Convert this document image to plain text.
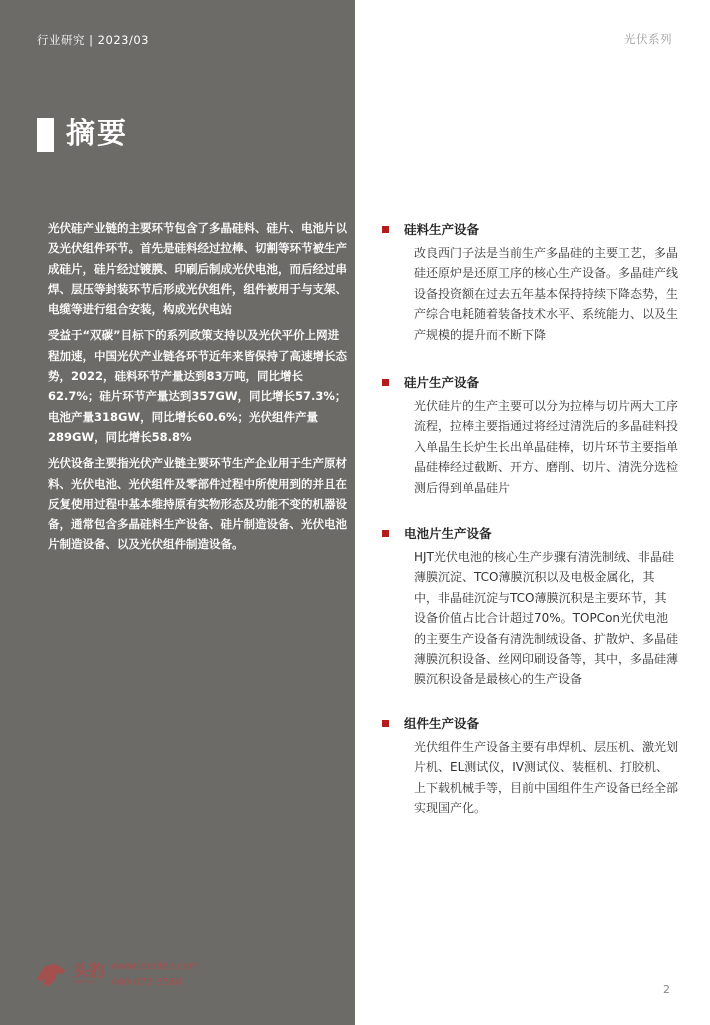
行业研究 | 2023/03
摘要

光伏硅产业链的主要环节包含了多晶硅料、硅片、电池片以及光伏组件环节。首先是硅料经过拉棒、切割等环节被生产成硅片，硅片经过镀膜、印刷后制成光伏电池，而后经过串焊、层压等封装环节后形成光伏组件，组件被用于与支架、电缆等进行组合安装，构成光伏电站

受益于“双碳”目标下的系列政策支持以及光伏平价上网进程加速，中国光伏产业链各环节近年来皆保持了高速增长态势，2022，硅料环节产量达到83万吨，同比增长62.7%；硅片环节产量达到357GW，同比增长57.3%；电池产量318GW，同比增长60.6%；光伏组件产量289GW，同比增长58.8%

光伏设备主要指光伏产业链主要环节生产企业用于生产原材料、光伏电池、光伏组件及零部件过程中所使用到的并且在反复使用过程中基本维持原有实物形态及功能不变的机器设备，通常包含多晶硅料生产设备、硅片制造设备、光伏电池片制造设备、以及光伏组件制造设备。

头豹
LeadLeo
www.leadleo.com
400-072-5588
光伏系列
硅料生产设备
改良西门子法是当前生产多晶硅的主要工艺，多晶硅还原炉是还原工序的核心生产设备。多晶硅产线设备投资额在过去五年基本保持持续下降态势，生产综合电耗随着装备技术水平、系统能力、以及生产规模的提升而不断下降
硅片生产设备
光伏硅片的生产主要可以分为拉棒与切片两大工序流程，拉棒主要指通过将经过清洗后的多晶硅料投入单晶生长炉生长出单晶硅棒，切片环节主要指单晶硅棒经过截断、开方、磨削、切片、清洗分选检测后得到单晶硅片
电池片生产设备
HJT光伏电池的核心生产步骤有清洗制绒、非晶硅薄膜沉淀、TCO薄膜沉积以及电极金属化，其中，非晶硅沉淀与TCO薄膜沉积是主要环节，其设备价值占比合计超过70%。TOPCon光伏电池的主要生产设备有清洗制绒设备、扩散炉、多晶硅薄膜沉积设备、丝网印刷设备等，其中，多晶硅薄膜沉积设备是最核心的生产设备
组件生产设备
光伏组件生产设备主要有串焊机、层压机、激光划片机、EL测试仪，IV测试仪、装框机、打胶机、上下载机械手等，目前中国组件生产设备已经全部实现国产化。
2
